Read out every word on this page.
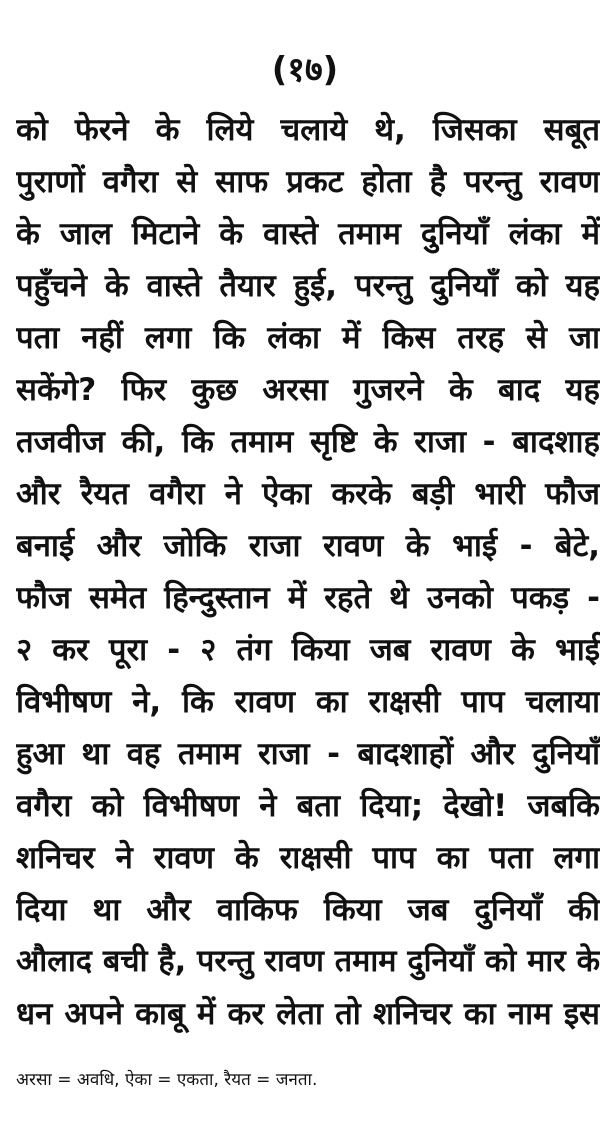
(१७)
को फेरने के लिये चलाये थे, जिसका सबूत
पुराणों वगैरा से साफ प्रकट होता है परन्तु रावण
के जाल मिटाने के वास्ते तमाम दुनियाँ लंका में
पहुँचने के वास्ते तैयार हुई, परन्तु दुनियाँ को यह
पता नहीं लगा कि लंका में किस तरह से जा
सकेंगे? फिर कुछ अरसा गुजरने के बाद यह
तजवीज की, कि तमाम सृष्टि के राजा - बादशाह
और रैयत वगैरा ने ऐका करके बड़ी भारी फौज
बनाई और जोकि राजा रावण के भाई - बेटे,
फौज समेत हिन्दुस्तान में रहते थे उनको पकड़ -
२ कर पूरा - २ तंग किया जब रावण के भाई
विभीषण ने, कि रावण का राक्षसी पाप चलाया
हुआ था वह तमाम राजा - बादशाहों और दुनियाँ
वगैरा को विभीषण ने बता दिया; देखो! जबकि
शनिचर ने रावण के राक्षसी पाप का पता लगा
दिया था और वाकिफ किया जब दुनियाँ की
औलाद बची है, परन्तु रावण तमाम दुनियाँ को मार के
धन अपने काबू में कर लेता तो शनिचर का नाम इस
अरसा = अवधि, ऐका = एकता, रैयत = जनता.
